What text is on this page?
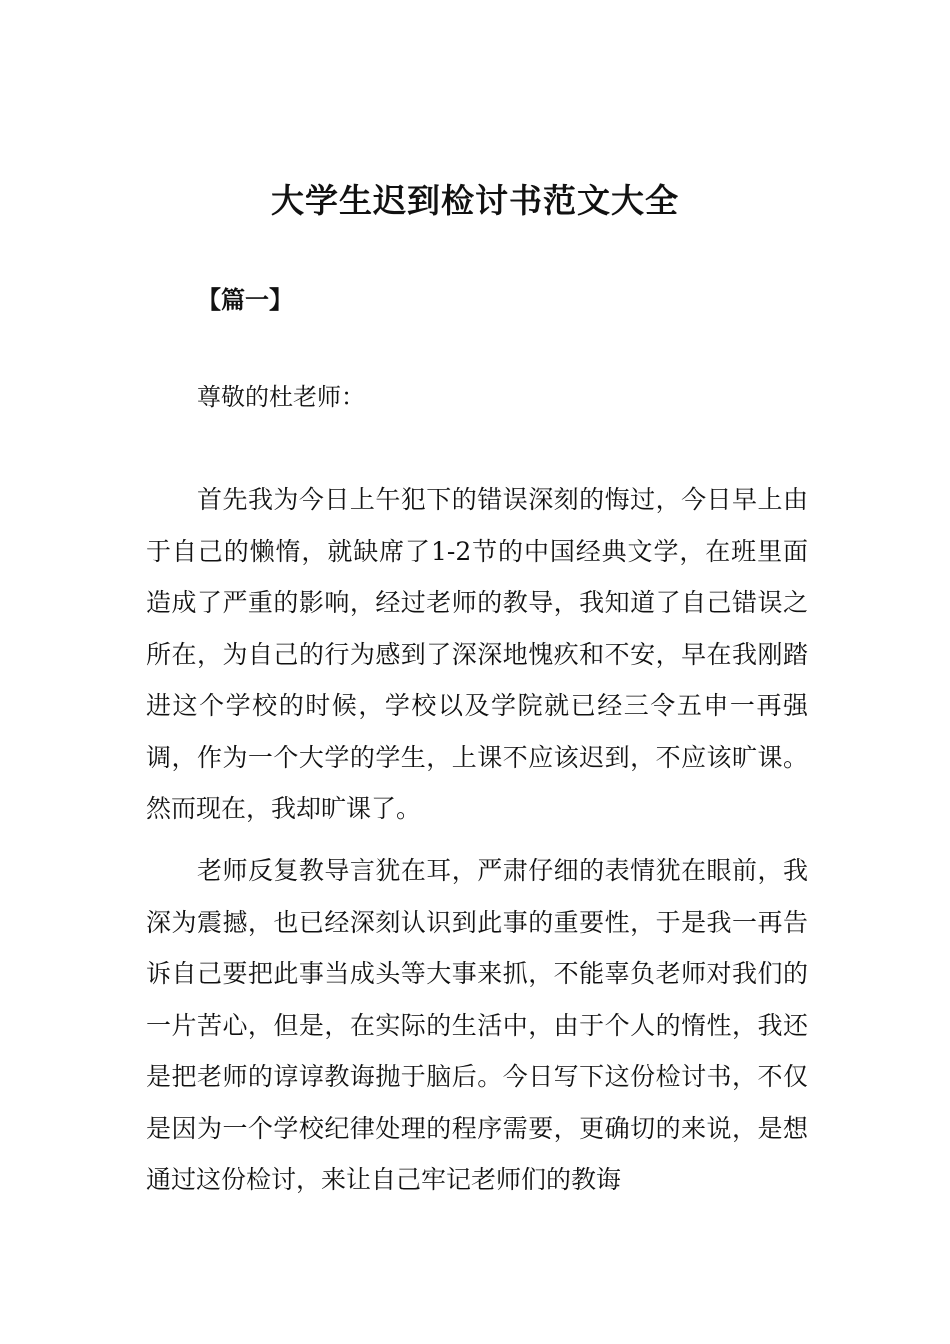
大学生迟到检讨书范文大全

【篇一】

尊敬的杜老师：

首先我为今日上午犯下的错误深刻的悔过，今日早上由于自己的懒惰，就缺席了1-2节的中国经典文学，在班里面造成了严重的影响，经过老师的教导，我知道了自己错误之所在，为自己的行为感到了深深地愧疚和不安，早在我刚踏进这个学校的时候，学校以及学院就已经三令五申一再强调，作为一个大学的学生，上课不应该迟到，不应该旷课。然而现在，我却旷课了。

老师反复教导言犹在耳，严肃仔细的表情犹在眼前，我深为震撼，也已经深刻认识到此事的重要性，于是我一再告诉自己要把此事当成头等大事来抓，不能辜负老师对我们的一片苦心，但是，在实际的生活中，由于个人的惰性，我还是把老师的谆谆教诲抛于脑后。今日写下这份检讨书，不仅是因为一个学校纪律处理的程序需要，更确切的来说，是想通过这份检讨，来让自己牢记老师们的教诲
